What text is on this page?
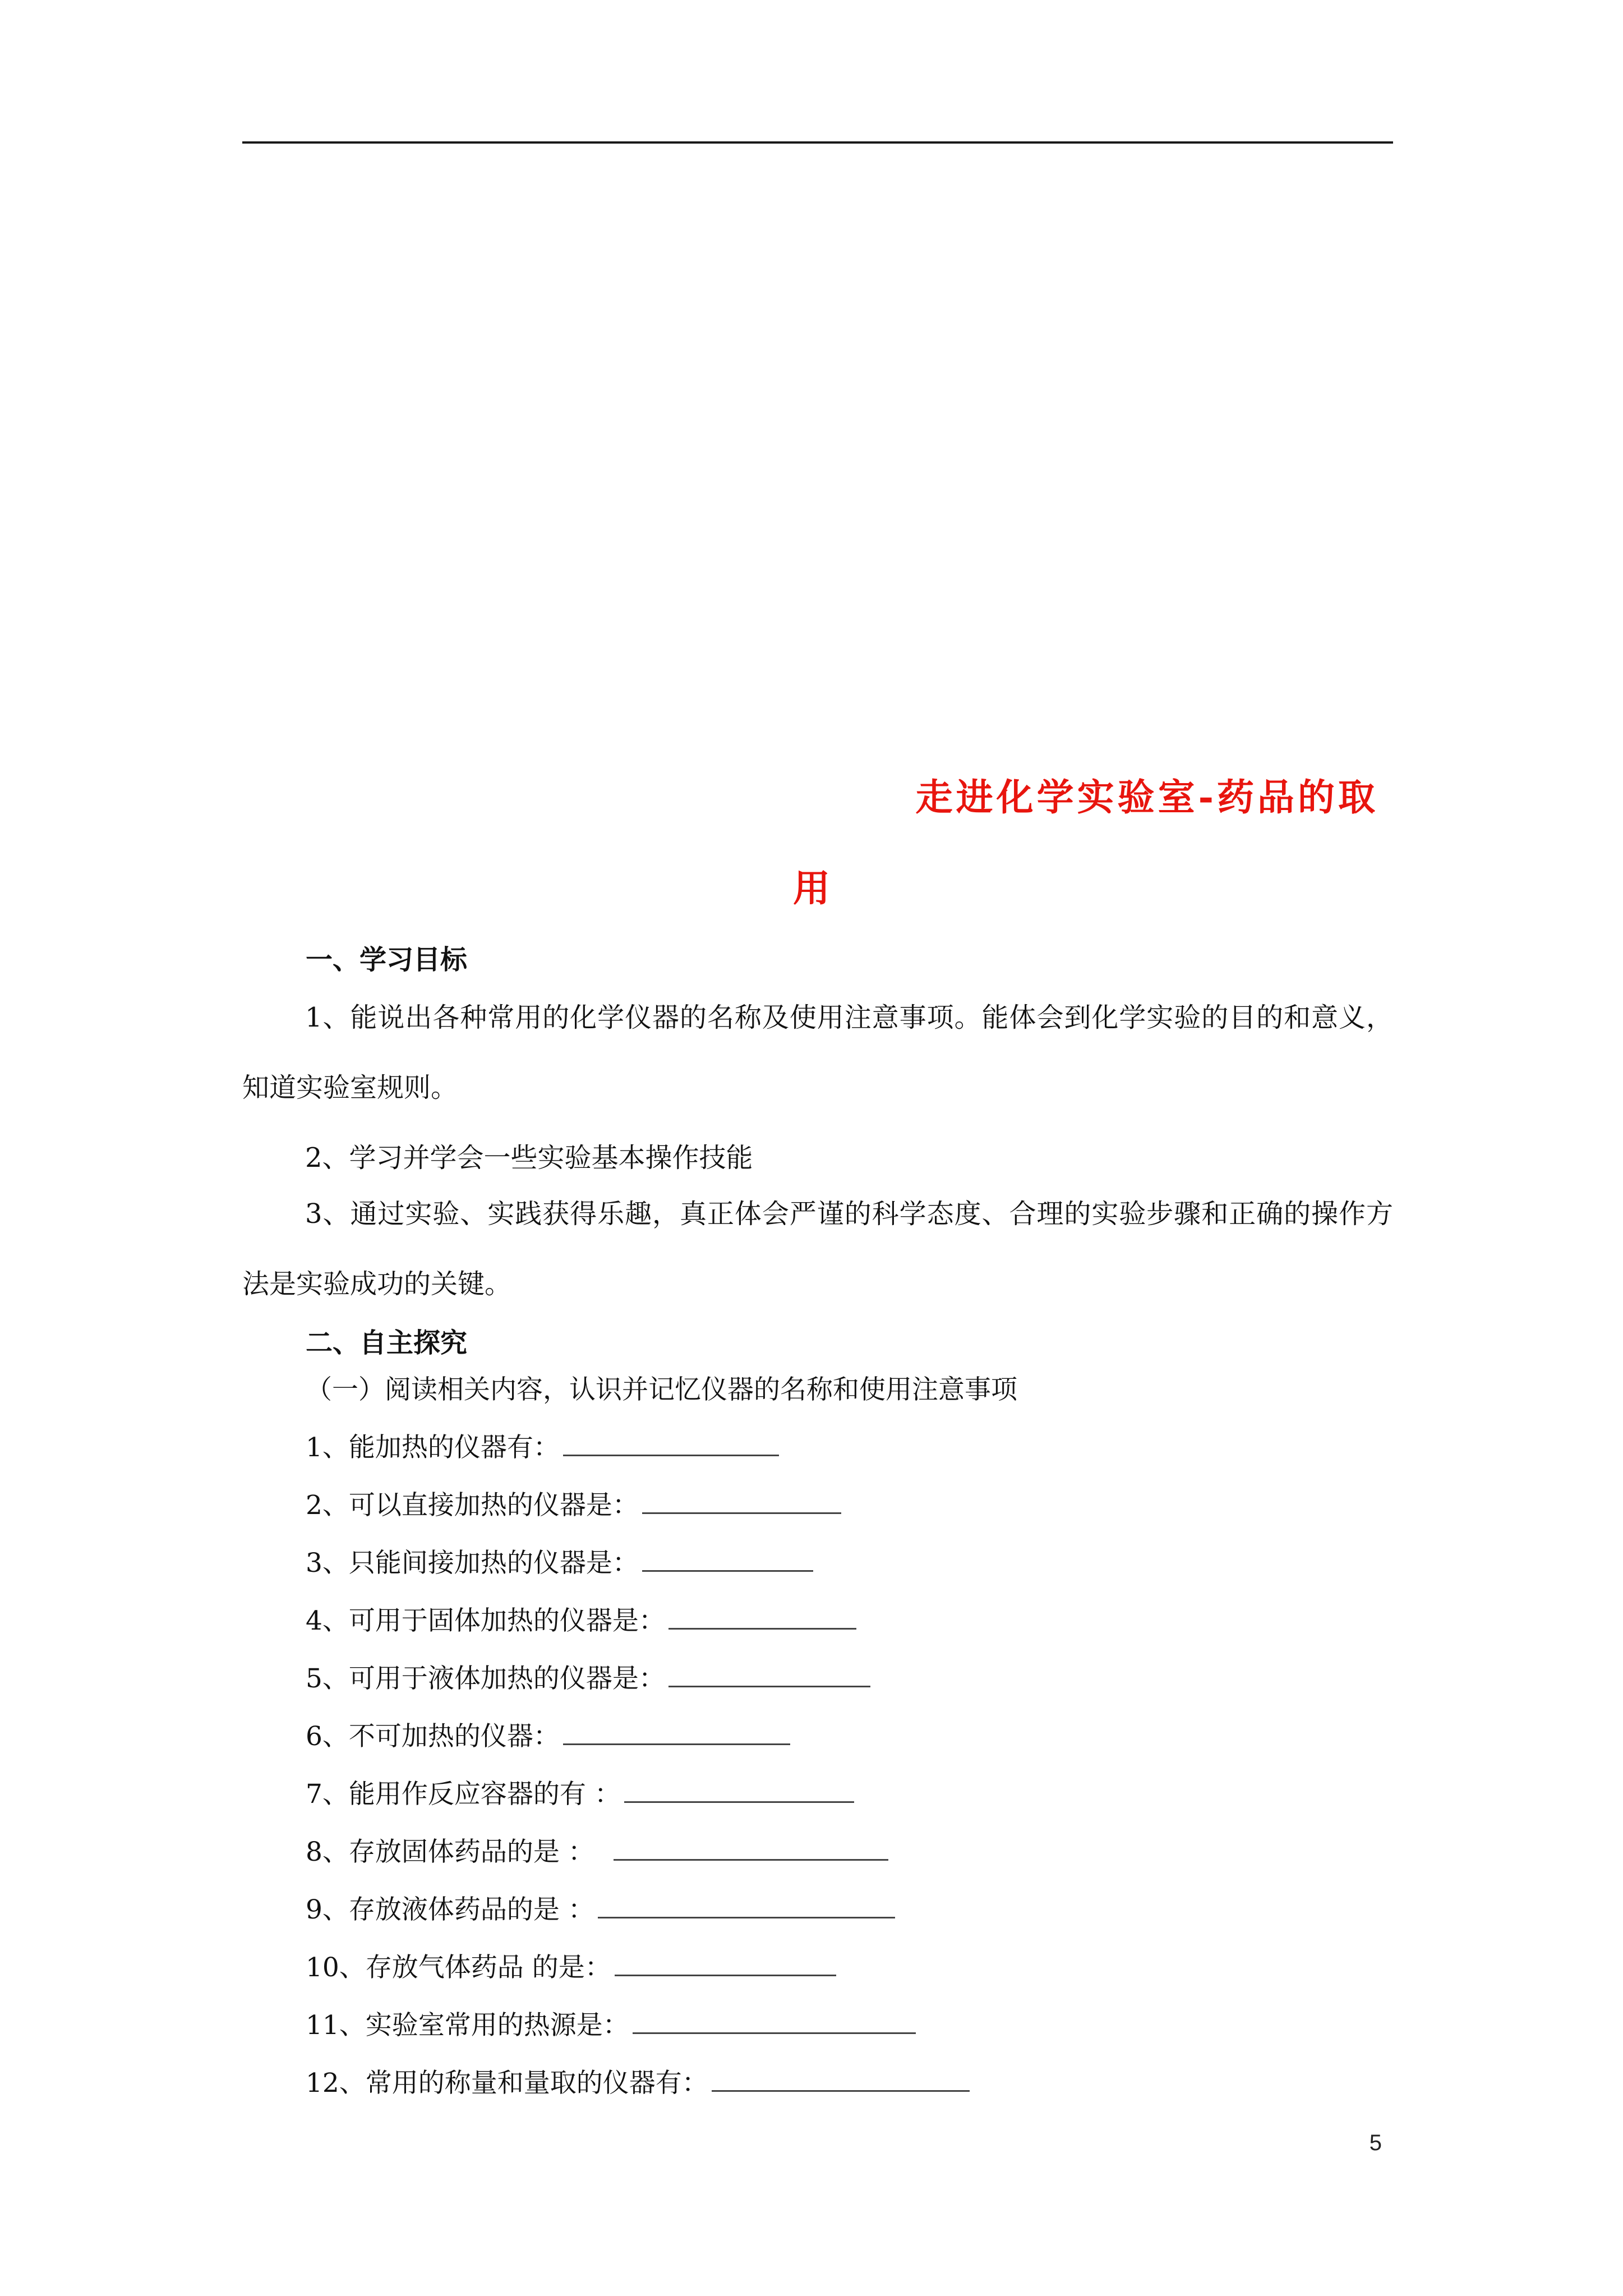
走进化学实验室-药品的取
用
一、学习目标

1、能说出各种常用的化学仪器的名称及使用注意事项。能体会到化学实验的目的和意义，知道实验室规则。

2、学习并学会一些实验基本操作技能

3、通过实验、实践获得乐趣，真正体会严谨的科学态度、合理的实验步骤和正确的操作方法是实验成功的关键。

二、自主探究
（一）阅读相关内容，认识并记忆仪器的名称和使用注意事项
1、能加热的仪器有：
2、可以直接加热的仪器是：
3、只能间接加热的仪器是：
4、可用于固体加热的仪器是：
5、可用于液体加热的仪器是：
6、不可加热的仪器：
7、能用作反应容器的有 ：
8、存放固体药品的是 ：
9、存放液体药品的是 ：
10、存放气体药品 的是：
11、实验室常用的热源是：
12、常用的称量和量取的仪器有：
5
